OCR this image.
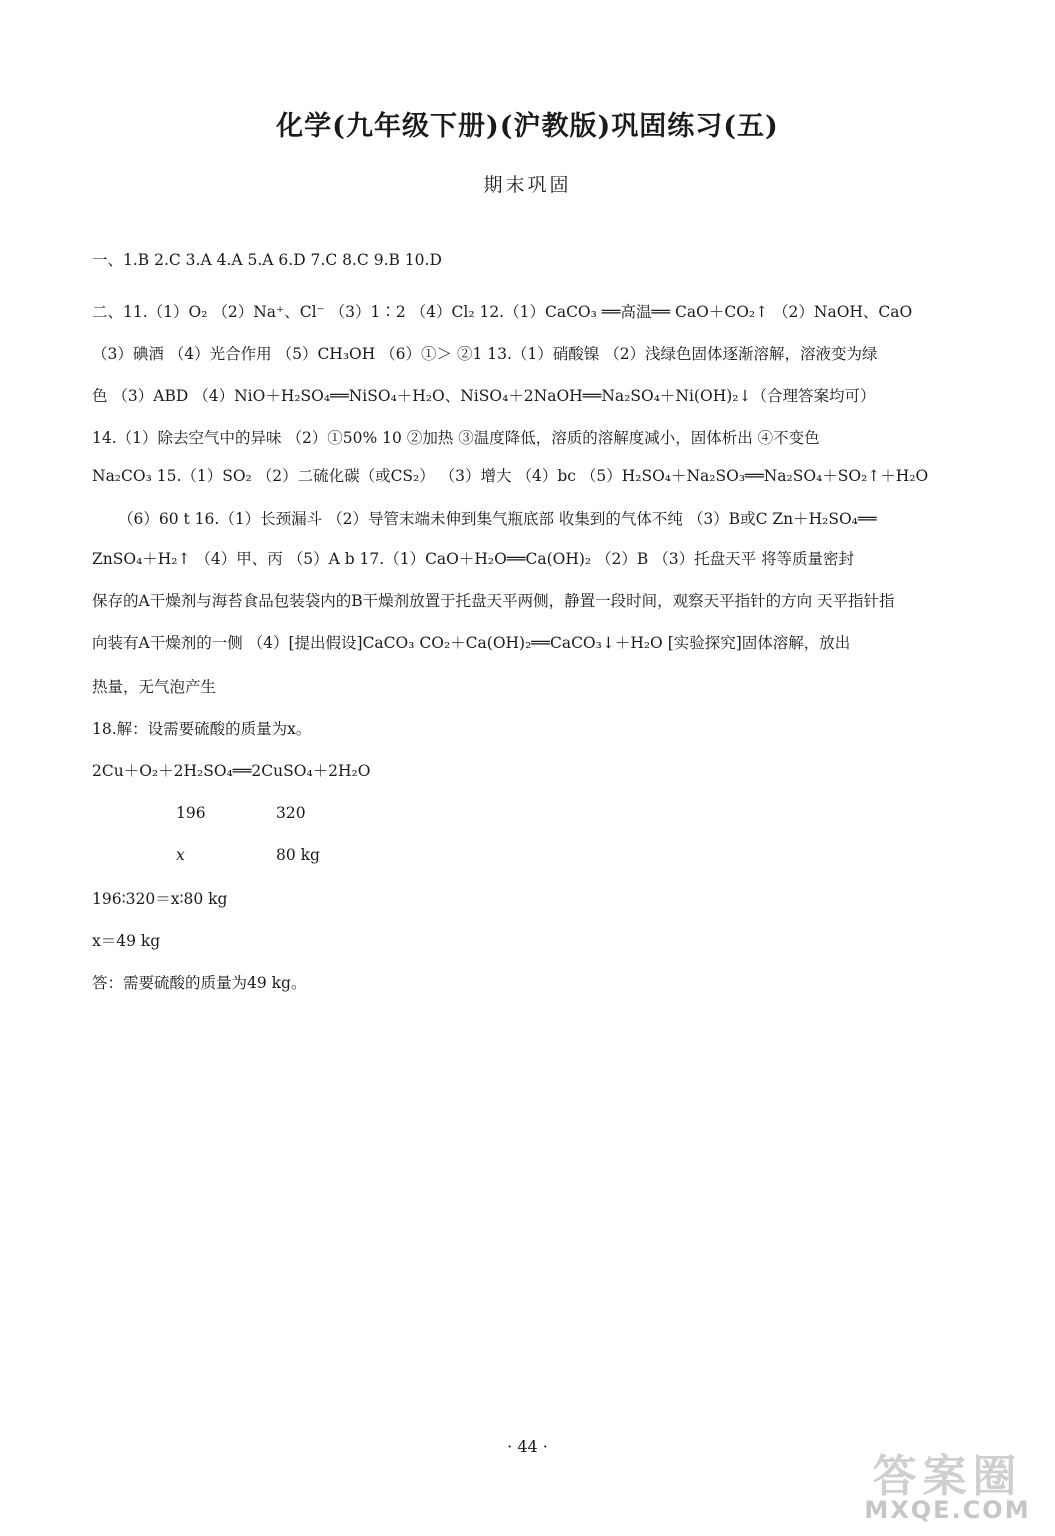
化学(九年级下册)(沪教版)巩固练习(五)
期末巩固
一、1.B 2.C 3.A 4.A 5.A 6.D 7.C 8.C 9.B 10.D
二、11.（1）O₂ （2）Na⁺、Cl⁻ （3）1∶2 （4）Cl₂ 12.（1）CaCO₃ ══高温══ CaO＋CO₂↑ （2）NaOH、CaO
（3）碘酒 （4）光合作用 （5）CH₃OH （6）①＞ ②1 13.（1）硝酸镍 （2）浅绿色固体逐渐溶解，溶液变为绿
色 （3）ABD （4）NiO＋H₂SO₄══NiSO₄＋H₂O、NiSO₄＋2NaOH══Na₂SO₄＋Ni(OH)₂↓（合理答案均可）
14.（1）除去空气中的异味 （2）①50% 10 ②加热 ③温度降低，溶质的溶解度减小，固体析出 ④不变色
Na₂CO₃ 15.（1）SO₂ （2）二硫化碳（或CS₂） （3）增大 （4）bc （5）H₂SO₄＋Na₂SO₃══Na₂SO₄＋SO₂↑＋H₂O
（6）60 t 16.（1）长颈漏斗 （2）导管末端未伸到集气瓶底部 收集到的气体不纯 （3）B或C Zn＋H₂SO₄══
ZnSO₄＋H₂↑ （4）甲、丙 （5）A b 17.（1）CaO＋H₂O══Ca(OH)₂ （2）B （3）托盘天平 将等质量密封
保存的A干燥剂与海苔食品包装袋内的B干燥剂放置于托盘天平两侧，静置一段时间，观察天平指针的方向 天平指针指
向装有A干燥剂的一侧 （4）[提出假设]CaCO₃ CO₂＋Ca(OH)₂══CaCO₃↓＋H₂O [实验探究]固体溶解，放出
热量，无气泡产生
18.解：设需要硫酸的质量为x。
2Cu＋O₂＋2H₂SO₄══2CuSO₄＋2H₂O
196	320
x	80 kg
196∶320＝x∶80 kg
x＝49 kg
答：需要硫酸的质量为49 kg。
· 44 ·
答案圈
MXQE.COM
